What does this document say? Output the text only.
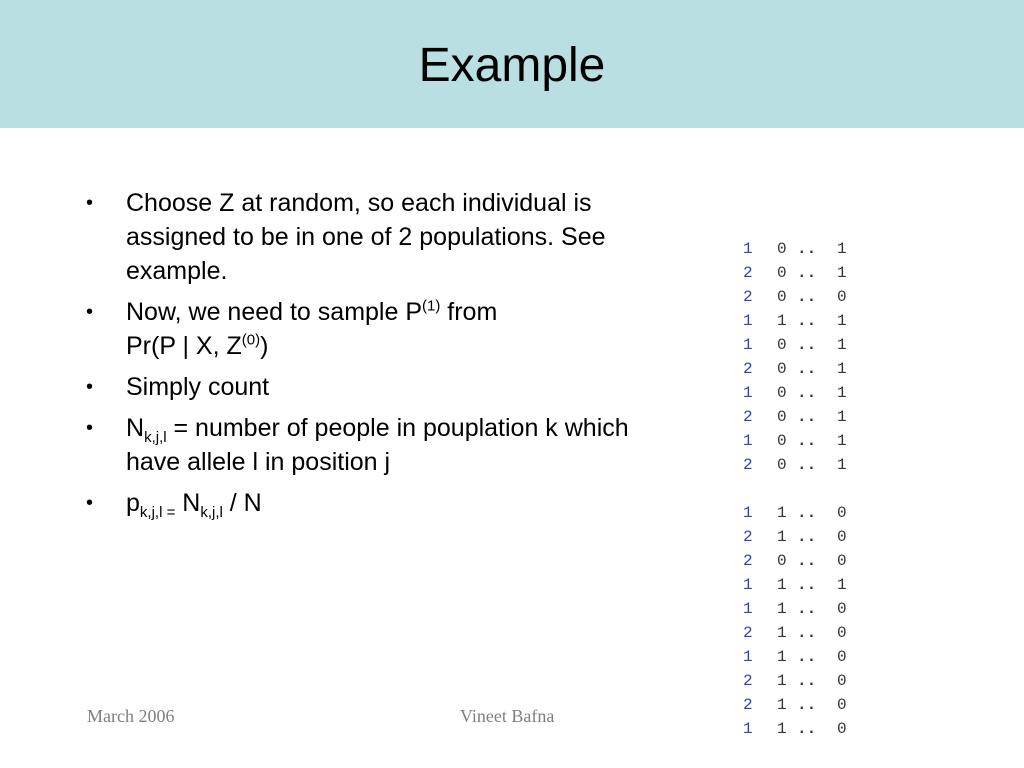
Example
• Choose Z at random, so each individual is assigned to be in one of 2 populations. See example.
• Now, we need to sample $P^{(1)}$ from
Pr(P | X, $Z^{(0)}$)
• Simply count
• $N_{k,j,l}$ = number of people in pouplation k which have allele l in position j
• $p_{k,j,l =}$ $N_{k,j,l}$ / N
1 0 .. 1
2 0 .. 1
2 0 .. 0
1 1 .. 1
1 0 .. 1
2 0 .. 1
1 0 .. 1
2 0 .. 1
1 0 .. 1
2 0 .. 1
1 1 .. 0
2 1 .. 0
2 0 .. 0
1 1 .. 1
1 1 .. 0
2 1 .. 0
1 1 .. 0
2 1 .. 0
2 1 .. 0
1 1 .. 0
March 2006	Vineet Bafna
